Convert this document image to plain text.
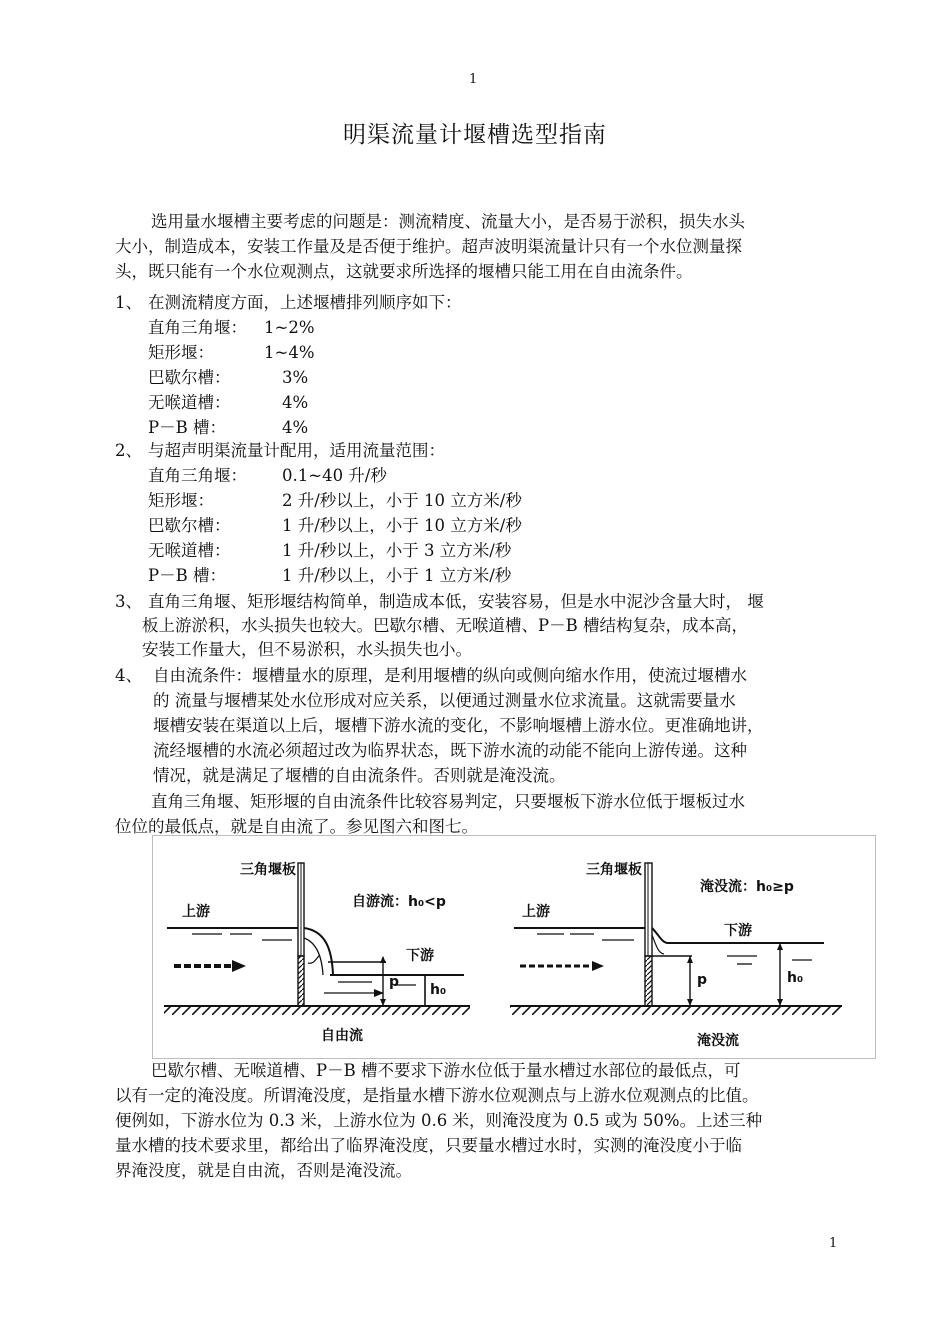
1
明渠流量计堰槽选型指南
选用量水堰槽主要考虑的问题是：测流精度、流量大小，是否易于淤积，损失水头
大小，制造成本，安装工作量及是否便于维护。超声波明渠流量计只有一个水位测量探
头，既只能有一个水位观测点，这就要求所选择的堰槽只能工用在自由流条件。
1、 在测流精度方面，上述堰槽排列顺序如下：
直角三角堰： 1~2%
矩形堰：	1~4%
巴歇尔槽：	3%
无喉道槽：	4%
P－B 槽：	4%
2、 与超声明渠流量计配用，适用流量范围：
直角三角堰： 0.1~40 升/秒
矩形堰：	2 升/秒以上，小于 10 立方米/秒
巴歇尔槽：	1 升/秒以上，小于 10 立方米/秒
无喉道槽：	1 升/秒以上，小于 3 立方米/秒
P－B 槽：	1 升/秒以上，小于 1 立方米/秒
3、 直角三角堰、矩形堰结构简单，制造成本低，安装容易，但是水中泥沙含量大时， 堰
板上游淤积，水头损失也较大。巴歇尔槽、无喉道槽、P－B 槽结构复杂，成本高，
安装工作量大，但不易淤积，水头损失也小。
4、 自由流条件：堰槽量水的原理，是利用堰槽的纵向或侧向缩水作用，使流过堰槽水
的 流量与堰槽某处水位形成对应关系，以便通过测量水位求流量。这就需要量水
堰槽安装在渠道以上后，堰槽下游水流的变化，不影响堰槽上游水位。更准确地讲，
流经堰槽的水流必须超过改为临界状态，既下游水流的动能不能向上游传递。这种
情况，就是满足了堰槽的自由流条件。否则就是淹没流。
直角三角堰、矩形堰的自由流条件比较容易判定，只要堰板下游水位低于堰板过水
位位的最低点，就是自由流了。参见图六和图七。
三角堰板
自游流：h₀<p
上游
下游
p h₀
自由流
三角堰板
淹没流：h₀≥p
上游
下游
p	h₀
淹没流
巴歇尔槽、无喉道槽、P－B 槽不要求下游水位低于量水槽过水部位的最低点，可
以有一定的淹没度。所谓淹没度，是指量水槽下游水位观测点与上游水位观测点的比值。
便例如，下游水位为 0.3 米，上游水位为 0.6 米，则淹没度为 0.5 或为 50%。上述三种
量水槽的技术要求里，都给出了临界淹没度，只要量水槽过水时，实测的淹没度小于临
界淹没度，就是自由流，否则是淹没流。
1
